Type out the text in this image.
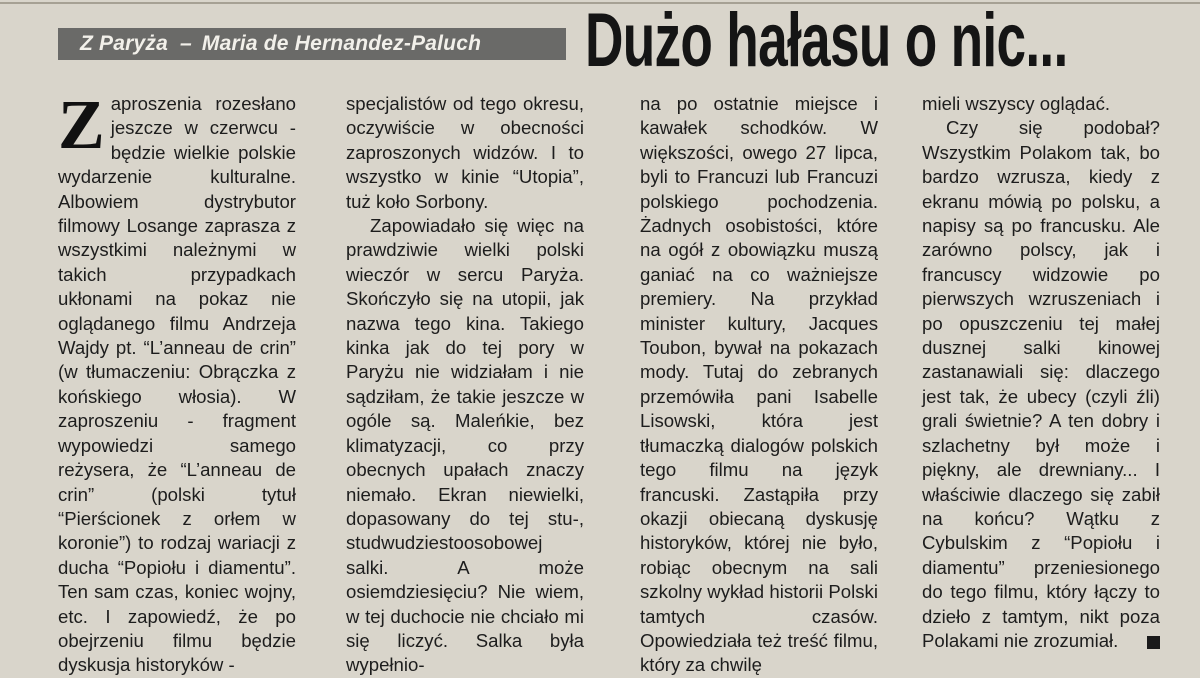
Z Paryża – Maria de Hernandez-Paluch Dużo hałasu o nic...

Zaproszenia rozesłano jeszcze w czerwcu - będzie wielkie polskie wydarzenie kulturalne. Albowiem dystrybutor filmowy Losange zaprasza z wszystkimi należnymi w takich przypadkach ukłonami na pokaz nie oglądanego filmu Andrzeja Wajdy pt. “L’anneau de crin” (w tłumaczeniu: Obrączka z końskiego włosia). W zaproszeniu - fragment wypowiedzi samego reżysera, że “L’anneau de crin” (polski tytuł “Pierścionek z orłem w koronie”) to rodzaj wariacji z ducha “Popiołu i diamentu”. Ten sam czas, koniec wojny, etc. I zapowiedź, że po obejrzeniu filmu będzie dyskusja historyków -

specjalistów od tego okresu, oczywiście w obecności zaproszonych widzów. I to wszystko w kinie “Utopia”, tuż koło Sorbony.

Zapowiadało się więc na prawdziwie wielki polski wieczór w sercu Paryża. Skończyło się na utopii, jak nazwa tego kina. Takiego kinka jak do tej pory w Paryżu nie widziałam i nie sądziłam, że takie jeszcze w ogóle są. Maleńkie, bez klimatyzacji, co przy obecnych upałach znaczy niemało. Ekran niewielki, dopasowany do tej stu-, studwudziestoosobowej salki. A może osiemdziesięciu? Nie wiem, w tej duchocie nie chciało mi się liczyć. Salka była wypełnio-

na po ostatnie miejsce i kawałek schodków. W większości, owego 27 lipca, byli to Francuzi lub Francuzi polskiego pochodzenia. Żadnych osobistości, które na ogół z obowiązku muszą ganiać na co ważniejsze premiery. Na przykład minister kultury, Jacques Toubon, bywał na pokazach mody. Tutaj do zebranych przemówiła pani Isabelle Lisowski, która jest tłumaczką dialogów polskich tego filmu na język francuski. Zastąpiła przy okazji obiecaną dyskusję historyków, której nie było, robiąc obecnym na sali szkolny wykład historii Polski tamtych czasów. Opowiedziała też treść filmu, który za chwilę

mieli wszyscy oglądać.

Czy się podobał? Wszystkim Polakom tak, bo bardzo wzrusza, kiedy z ekranu mówią po polsku, a napisy są po francusku. Ale zarówno polscy, jak i francuscy widzowie po pierwszych wzruszeniach i po opuszczeniu tej małej dusznej salki kinowej zastanawiali się: dlaczego jest tak, że ubecy (czyli źli) grali świetnie? A ten dobry i szlachetny był może i piękny, ale drewniany... I właściwie dlaczego się zabił na końcu? Wątku z Cybulskim z “Popiołu i diamentu” przeniesionego do tego filmu, który łączy to dzieło z tamtym, nikt poza Polakami nie zrozumiał.
